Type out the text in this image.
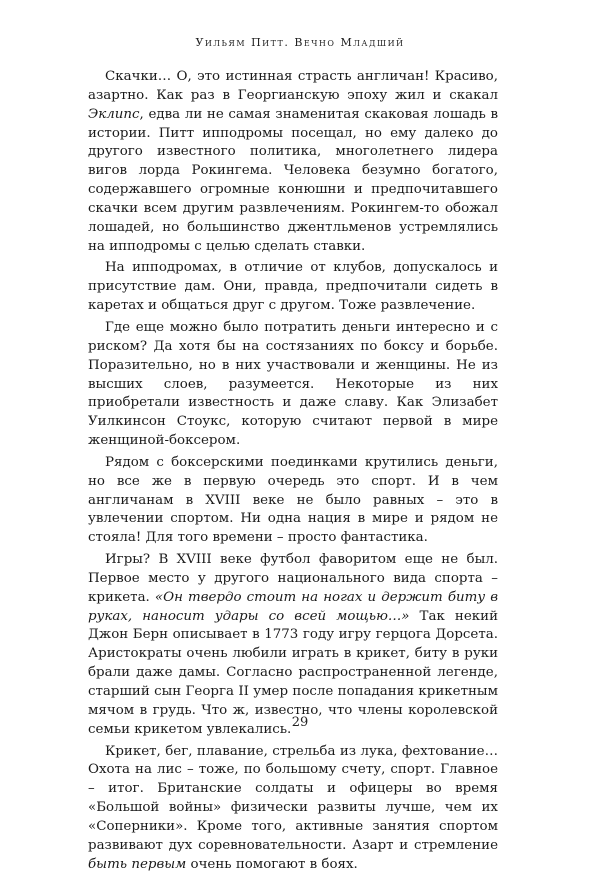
Уильям Питт. Вечно Младший

Скачки… О, это истинная страсть англичан! Красиво, азартно. Как раз в Георгианскую эпоху жил и скакал Эклипс, едва ли не самая знаменитая скаковая лошадь в истории. Питт ипподромы посещал, но ему далеко до другого известного политика, многолетнего лидера вигов лорда Рокингема. Человека безумно богатого, содержавшего огромные конюшни и предпочитавшего скачки всем другим развлечениям. Рокингем-то обожал лошадей, но большинство джентльменов устремлялись на ипподромы с целью сделать ставки.

На ипподромах, в отличие от клубов, допускалось и присутствие дам. Они, правда, предпочитали сидеть в каретах и общаться друг с другом. Тоже развлечение.

Где еще можно было потратить деньги интересно и с риском? Да хотя бы на состязаниях по боксу и борьбе. Поразительно, но в них участвовали и женщины. Не из высших слоев, разумеется. Некоторые из них приобретали известность и даже славу. Как Элизабет Уилкинсон Стоукс, которую считают первой в мире женщиной-боксером.

Рядом с боксерскими поединками крутились деньги, но все же в первую очередь это спорт. И в чем англичанам в XVIII веке не было равных – это в увлечении спортом. Ни одна нация в мире и рядом не стояла! Для того времени – просто фантастика.

Игры? В XVIII веке футбол фаворитом еще не был. Первое место у другого национального вида спорта – крикета. «Он твердо стоит на ногах и держит биту в руках, наносит удары со всей мощью…» Так некий Джон Берн описывает в 1773 году игру герцога Дорсета. Аристократы очень любили играть в крикет, биту в руки брали даже дамы. Согласно распространенной легенде, старший сын Георга II умер после попадания крикетным мячом в грудь. Что ж, известно, что члены королевской семьи крикетом увлекались.

Крикет, бег, плавание, стрельба из лука, фехтование… Охота на лис – тоже, по большому счету, спорт. Главное – итог. Британские солдаты и офицеры во время «Большой войны» физически развиты лучше, чем их «Соперники». Кроме того, активные занятия спортом развивают дух соревновательности. Азарт и стремление быть первым очень помогают в боях.

29
